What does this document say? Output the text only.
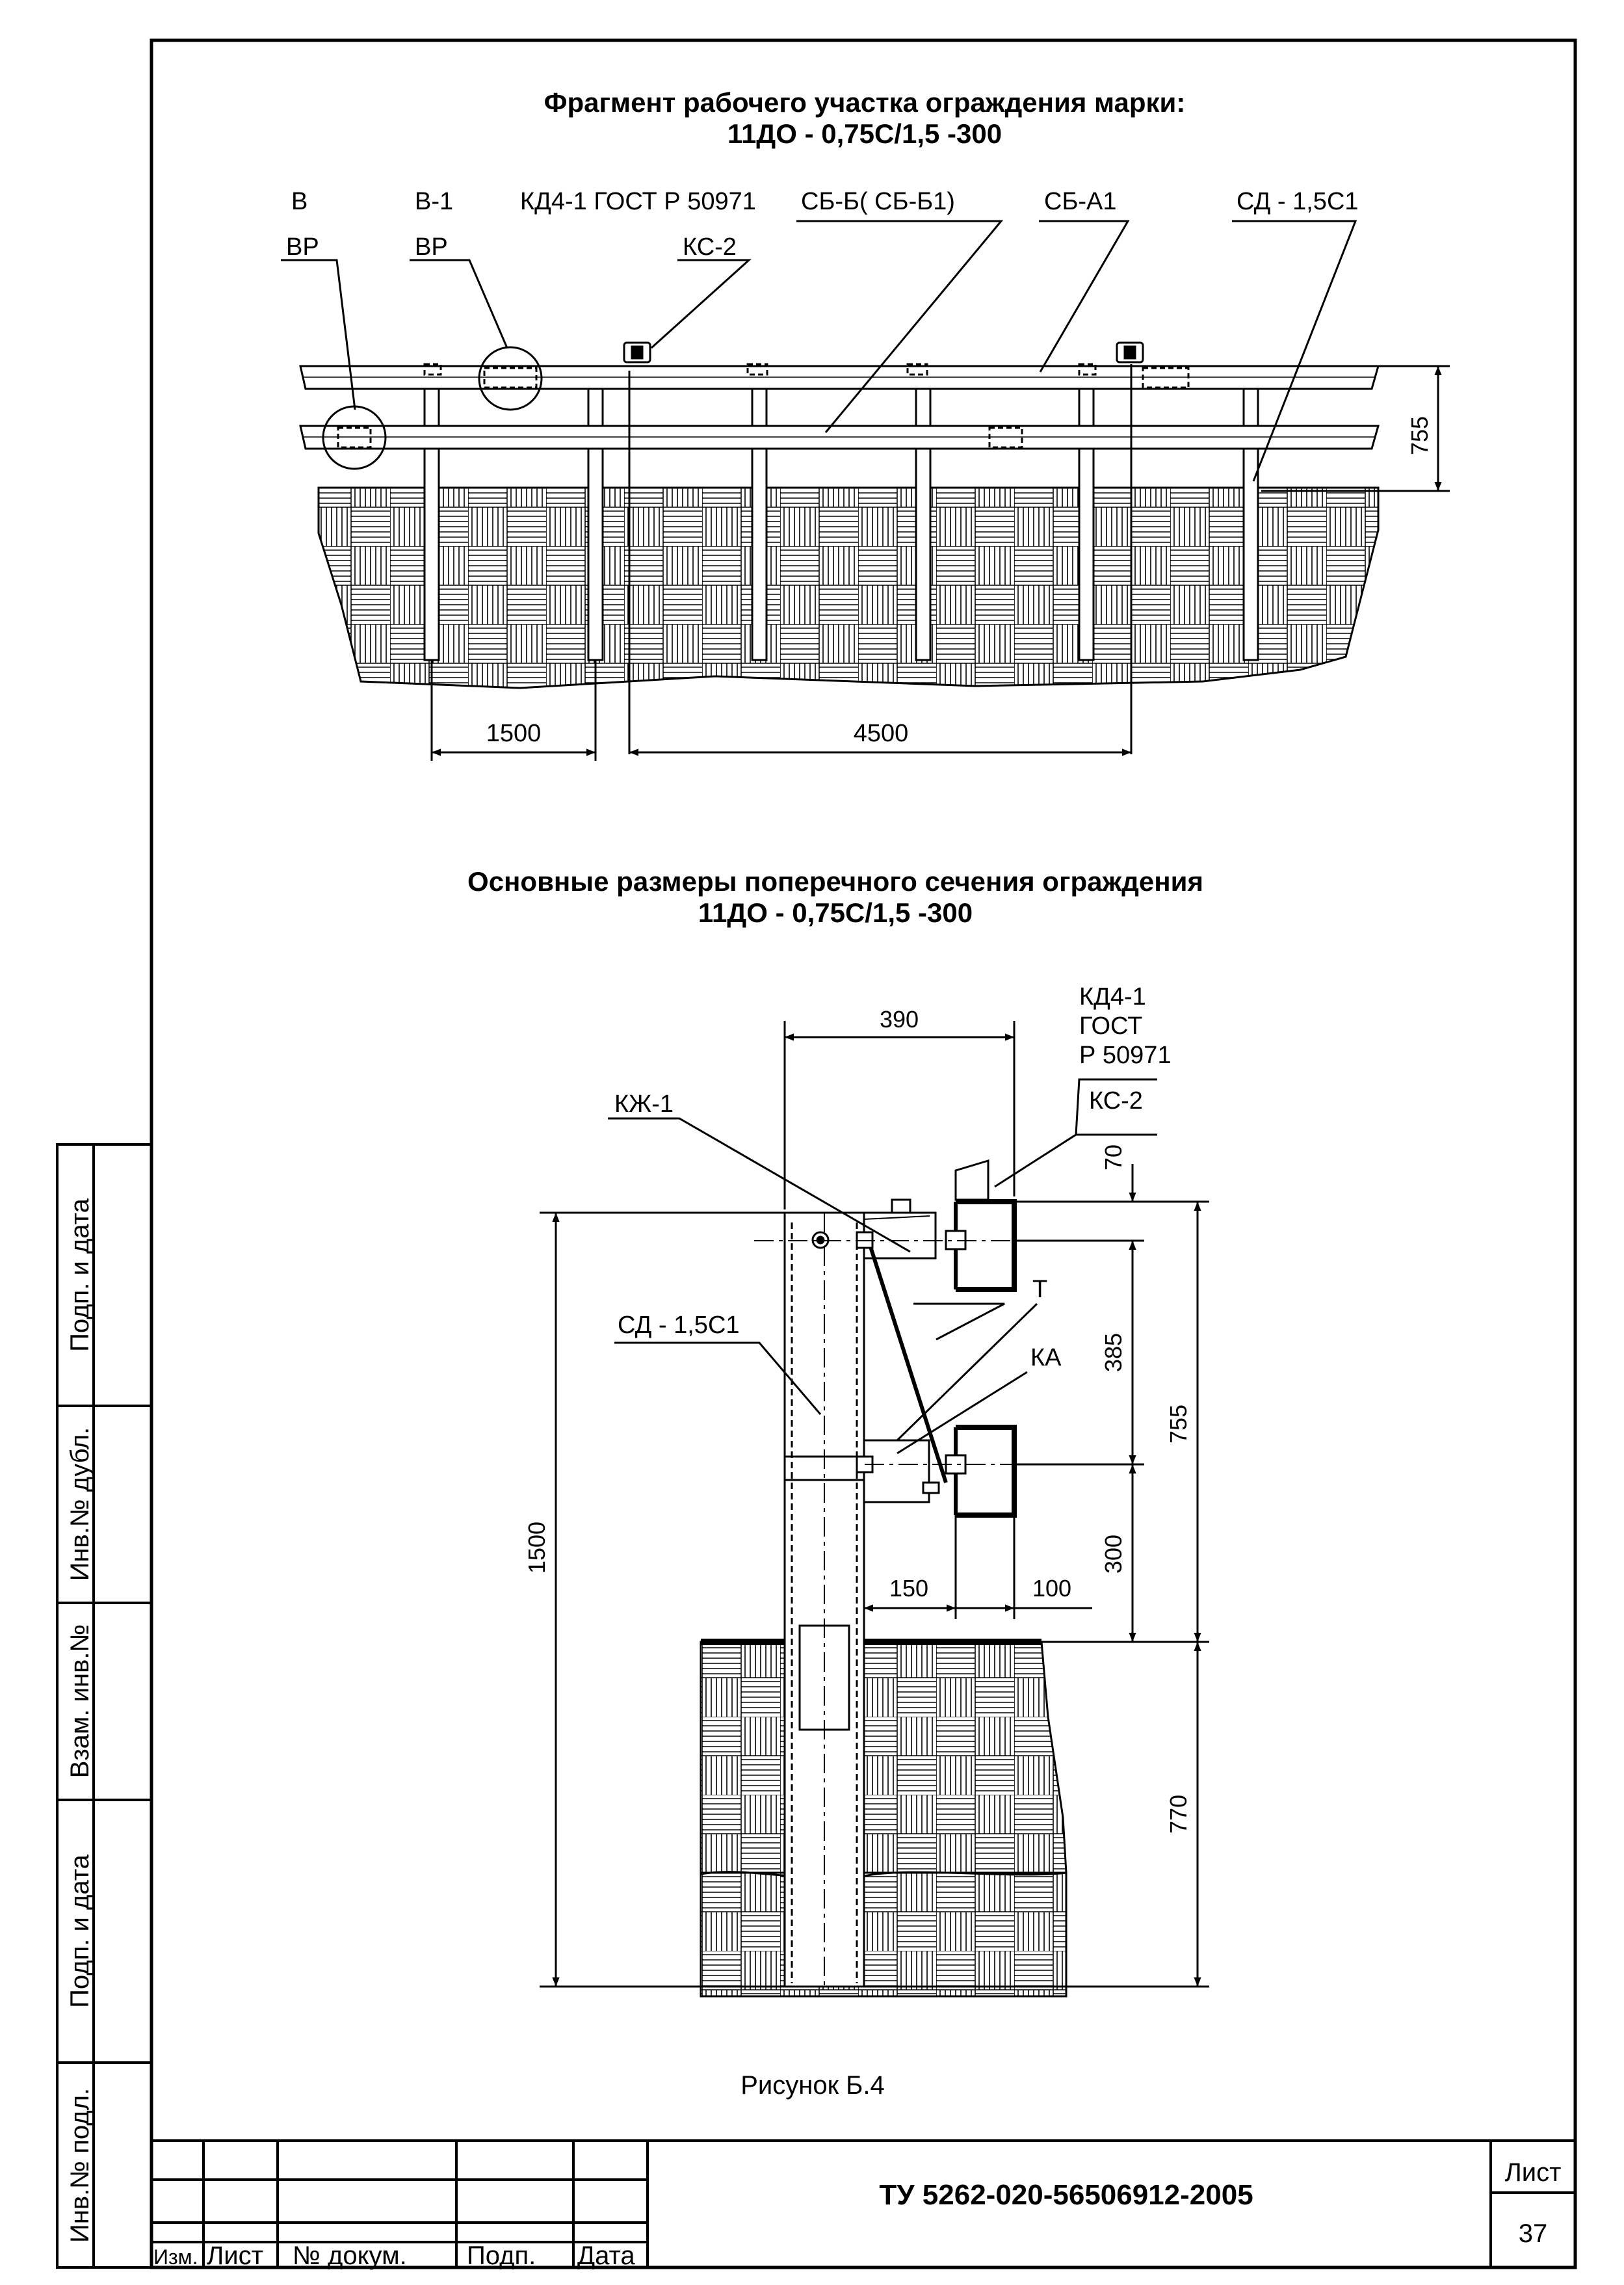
Подп. и дата
Инв.№ дубл.
Взам. инв.№
Подп. и дата
Инв.№ подл.
Изм. Лист № докум. Подп. Дата
ТУ 5262-020-56506912-2005
Лист
37
Рисунок Б.4
Фрагмент рабочего участка ограждения марки:
11ДО - 0,75С/1,5 -300
В
ВР
В-1
ВР
КД4-1 ГОСТ Р 50971
КС-2
СБ-Б( СБ-Б1)	СБ-А1	СД - 1,5С1
755
1500	4500
Основные размеры поперечного сечения ограждения
11ДО - 0,75С/1,5 -300
390
70
385
755
1500	300
150	100
770
КД4-1
ГОСТ
Р 50971
КС-2
КЖ-1
СД - 1,5С1
Т
КА
